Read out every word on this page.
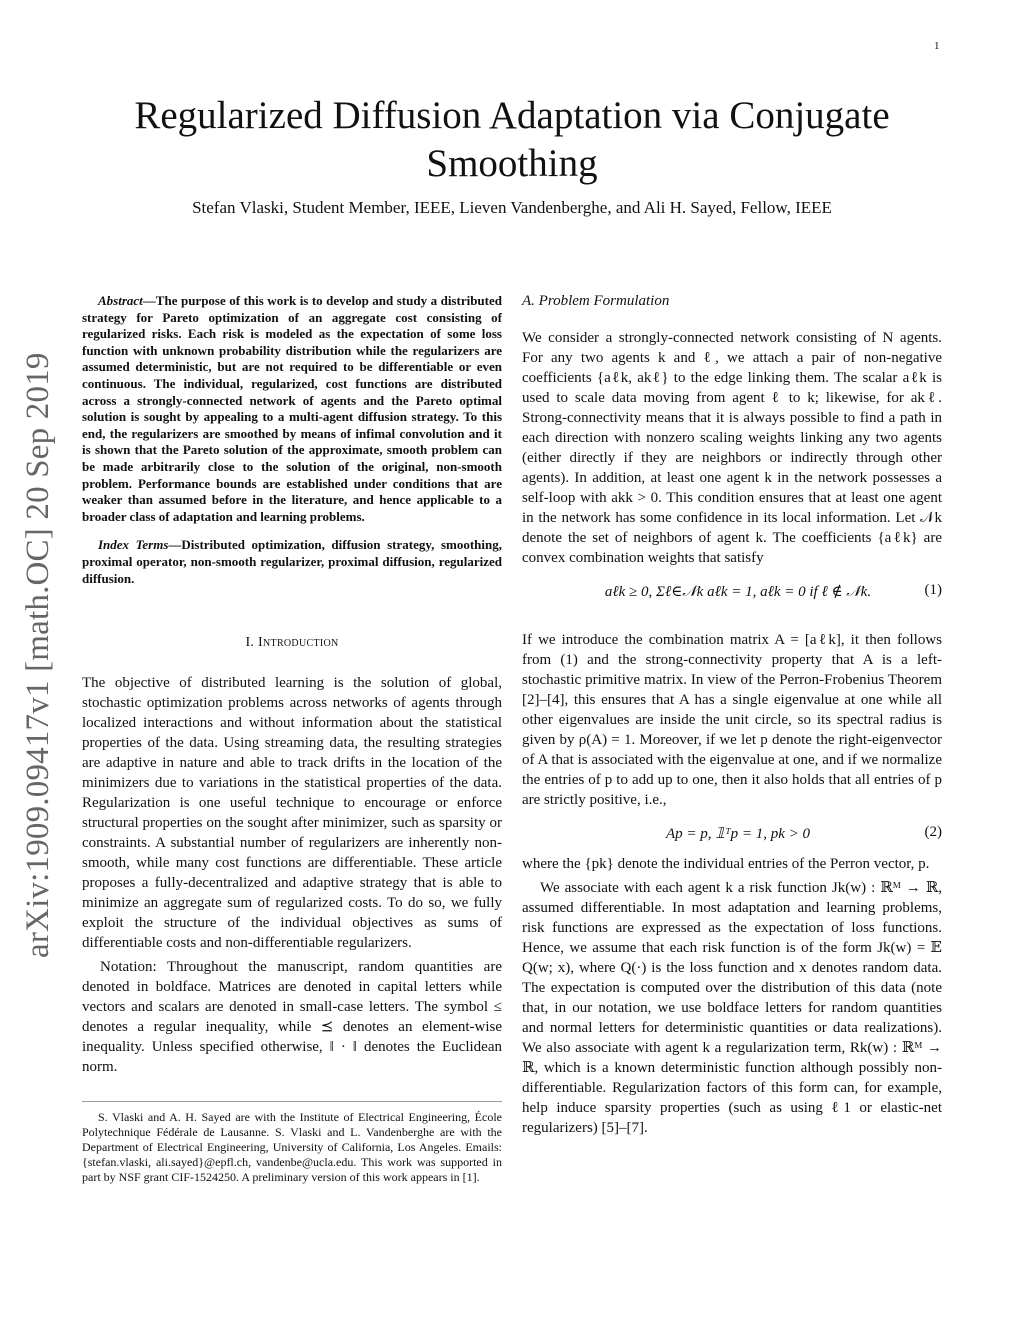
1
arXiv:1909.09417v1 [math.OC] 20 Sep 2019
Regularized Diffusion Adaptation via Conjugate Smoothing
Stefan Vlaski, Student Member, IEEE, Lieven Vandenberghe, and Ali H. Sayed, Fellow, IEEE

Abstract—The purpose of this work is to develop and study a distributed strategy for Pareto optimization of an aggregate cost consisting of regularized risks. Each risk is modeled as the expectation of some loss function with unknown probability distribution while the regularizers are assumed deterministic, but are not required to be differentiable or even continuous. The individual, regularized, cost functions are distributed across a strongly-connected network of agents and the Pareto optimal solution is sought by appealing to a multi-agent diffusion strategy. To this end, the regularizers are smoothed by means of infimal convolution and it is shown that the Pareto solution of the approximate, smooth problem can be made arbitrarily close to the solution of the original, non-smooth problem. Performance bounds are established under conditions that are weaker than assumed before in the literature, and hence applicable to a broader class of adaptation and learning problems.

Index Terms—Distributed optimization, diffusion strategy, smoothing, proximal operator, non-smooth regularizer, proximal diffusion, regularized diffusion.

I. Introduction

The objective of distributed learning is the solution of global, stochastic optimization problems across networks of agents through localized interactions and without information about the statistical properties of the data. Using streaming data, the resulting strategies are adaptive in nature and able to track drifts in the location of the minimizers due to variations in the statistical properties of the data. Regularization is one useful technique to encourage or enforce structural properties on the sought after minimizer, such as sparsity or constraints. A substantial number of regularizers are inherently non-smooth, while many cost functions are differentiable. These article proposes a fully-decentralized and adaptive strategy that is able to minimize an aggregate sum of regularized costs. To do so, we fully exploit the structure of the individual objectives as sums of differentiable costs and non-differentiable regularizers.

Notation: Throughout the manuscript, random quantities are denoted in boldface. Matrices are denoted in capital letters while vectors and scalars are denoted in small-case letters. The symbol ≤ denotes a regular inequality, while ⪯ denotes an element-wise inequality. Unless specified otherwise, ‖ · ‖ denotes the Euclidean norm.

S. Vlaski and A. H. Sayed are with the Institute of Electrical Engineering, École Polytechnique Fédérale de Lausanne. S. Vlaski and L. Vandenberghe are with the Department of Electrical Engineering, University of California, Los Angeles. Emails:{stefan.vlaski, ali.sayed}@epfl.ch, vandenbe@ucla.edu. This work was supported in part by NSF grant CIF-1524250. A preliminary version of this work appears in [1].
A. Problem Formulation

We consider a strongly-connected network consisting of N agents. For any two agents k and ℓ, we attach a pair of non-negative coefficients {aℓk, akℓ} to the edge linking them. The scalar aℓk is used to scale data moving from agent ℓ to k; likewise, for akℓ. Strong-connectivity means that it is always possible to find a path in each direction with nonzero scaling weights linking any two agents (either directly if they are neighbors or indirectly through other agents). In addition, at least one agent k in the network possesses a self-loop with akk > 0. This condition ensures that at least one agent in the network has some confidence in its local information. Let 𝒩k denote the set of neighbors of agent k. The coefficients {aℓk} are convex combination weights that satisfy

aℓk ≥ 0, Σℓ∈𝒩k aℓk = 1, aℓk = 0 if ℓ ∉ 𝒩k.	(1)

If we introduce the combination matrix A = [aℓk], it then follows from (1) and the strong-connectivity property that A is a left-stochastic primitive matrix. In view of the Perron-Frobenius Theorem [2]–[4], this ensures that A has a single eigenvalue at one while all other eigenvalues are inside the unit circle, so its spectral radius is given by ρ(A) = 1. Moreover, if we let p denote the right-eigenvector of A that is associated with the eigenvalue at one, and if we normalize the entries of p to add up to one, then it also holds that all entries of p are strictly positive, i.e.,

Ap = p, 𝟙ᵀp = 1, pk > 0	(2)

where the {pk} denote the individual entries of the Perron vector, p.

We associate with each agent k a risk function Jk(w) : ℝᴹ → ℝ, assumed differentiable. In most adaptation and learning problems, risk functions are expressed as the expectation of loss functions. Hence, we assume that each risk function is of the form Jk(w) = 𝔼 Q(w; x), where Q(·) is the loss function and x denotes random data. The expectation is computed over the distribution of this data (note that, in our notation, we use boldface letters for random quantities and normal letters for deterministic quantities or data realizations). We also associate with agent k a regularization term, Rk(w) : ℝᴹ → ℝ, which is a known deterministic function although possibly non-differentiable. Regularization factors of this form can, for example, help induce sparsity properties (such as using ℓ1 or elastic-net regularizers) [5]–[7].
